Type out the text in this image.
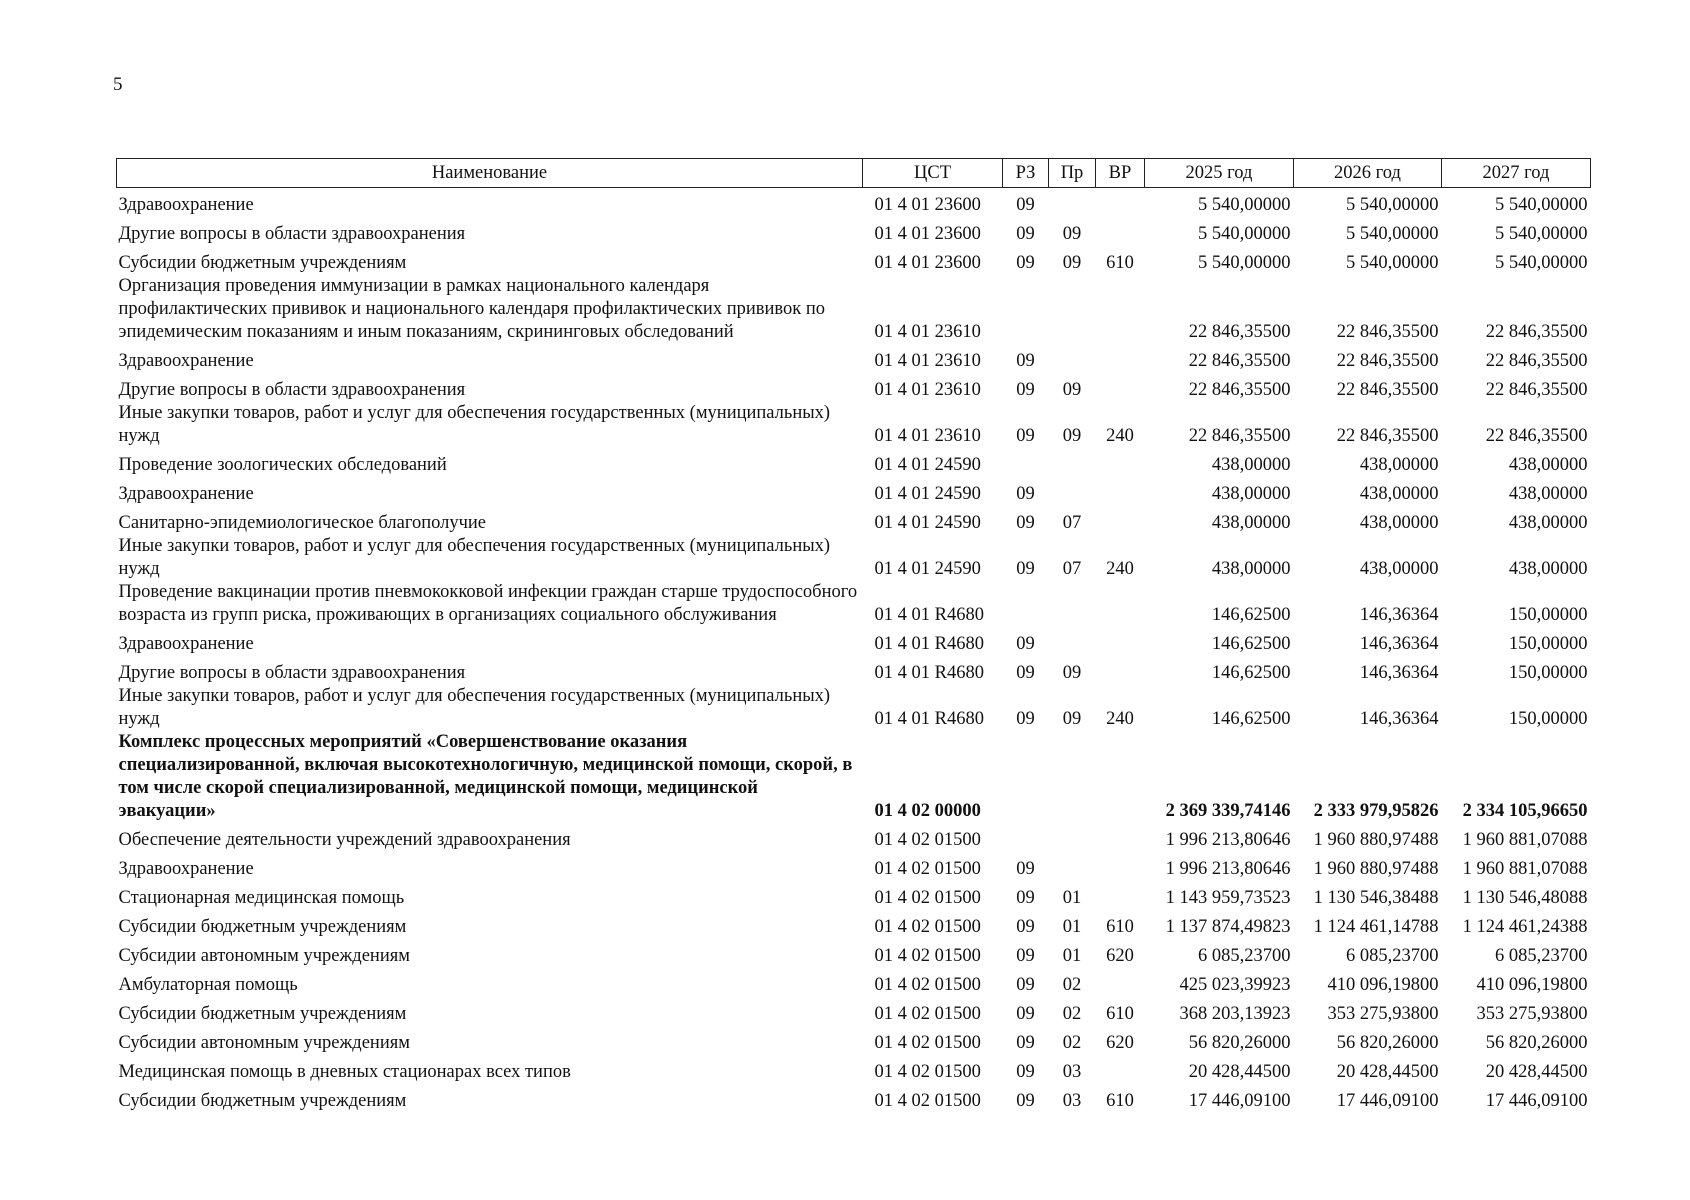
5
Наименование	ЦСТ	РЗ	Пр	ВР	2025 год	2026 год	2027 год
Здравоохранение	01 4 01 23600	09			5 540,00000	5 540,00000	5 540,00000
Другие вопросы в области здравоохранения	01 4 01 23600	09	09		5 540,00000	5 540,00000	5 540,00000
Субсидии бюджетным учреждениям	01 4 01 23600	09	09	610	5 540,00000	5 540,00000	5 540,00000
Организация проведения иммунизации в рамках национального календаря профилактических прививок и национального календаря профилактических прививок по эпидемическим показаниям и иным показаниям, скрининговых обследований	01 4 01 23610				22 846,35500	22 846,35500	22 846,35500
Здравоохранение	01 4 01 23610	09			22 846,35500	22 846,35500	22 846,35500
Другие вопросы в области здравоохранения	01 4 01 23610	09	09		22 846,35500	22 846,35500	22 846,35500
Иные закупки товаров, работ и услуг для обеспечения государственных (муниципальных) нужд	01 4 01 23610	09	09	240	22 846,35500	22 846,35500	22 846,35500
Проведение зоологических обследований	01 4 01 24590				438,00000	438,00000	438,00000
Здравоохранение	01 4 01 24590	09			438,00000	438,00000	438,00000
Санитарно-эпидемиологическое благополучие	01 4 01 24590	09	07		438,00000	438,00000	438,00000
Иные закупки товаров, работ и услуг для обеспечения государственных (муниципальных) нужд	01 4 01 24590	09	07	240	438,00000	438,00000	438,00000
Проведение вакцинации против пневмококковой инфекции граждан старше трудоспособного возраста из групп риска, проживающих в организациях социального обслуживания	01 4 01 R4680				146,62500	146,36364	150,00000
Здравоохранение	01 4 01 R4680	09			146,62500	146,36364	150,00000
Другие вопросы в области здравоохранения	01 4 01 R4680	09	09		146,62500	146,36364	150,00000
Иные закупки товаров, работ и услуг для обеспечения государственных (муниципальных) нужд	01 4 01 R4680	09	09	240	146,62500	146,36364	150,00000
Комплекс процессных мероприятий «Совершенствование оказания специализированной, включая высокотехнологичную, медицинской помощи, скорой, в том числе скорой специализированной, медицинской помощи, медицинской эвакуации»	01 4 02 00000				2 369 339,74146	2 333 979,95826	2 334 105,96650
Обеспечение деятельности учреждений здравоохранения	01 4 02 01500				1 996 213,80646	1 960 880,97488	1 960 881,07088
Здравоохранение	01 4 02 01500	09			1 996 213,80646	1 960 880,97488	1 960 881,07088
Стационарная медицинская помощь	01 4 02 01500	09	01		1 143 959,73523	1 130 546,38488	1 130 546,48088
Субсидии бюджетным учреждениям	01 4 02 01500	09	01	610	1 137 874,49823	1 124 461,14788	1 124 461,24388
Субсидии автономным учреждениям	01 4 02 01500	09	01	620	6 085,23700	6 085,23700	6 085,23700
Амбулаторная помощь	01 4 02 01500	09	02		425 023,39923	410 096,19800	410 096,19800
Субсидии бюджетным учреждениям	01 4 02 01500	09	02	610	368 203,13923	353 275,93800	353 275,93800
Субсидии автономным учреждениям	01 4 02 01500	09	02	620	56 820,26000	56 820,26000	56 820,26000
Медицинская помощь в дневных стационарах всех типов	01 4 02 01500	09	03		20 428,44500	20 428,44500	20 428,44500
Субсидии бюджетным учреждениям	01 4 02 01500	09	03	610	17 446,09100	17 446,09100	17 446,09100
